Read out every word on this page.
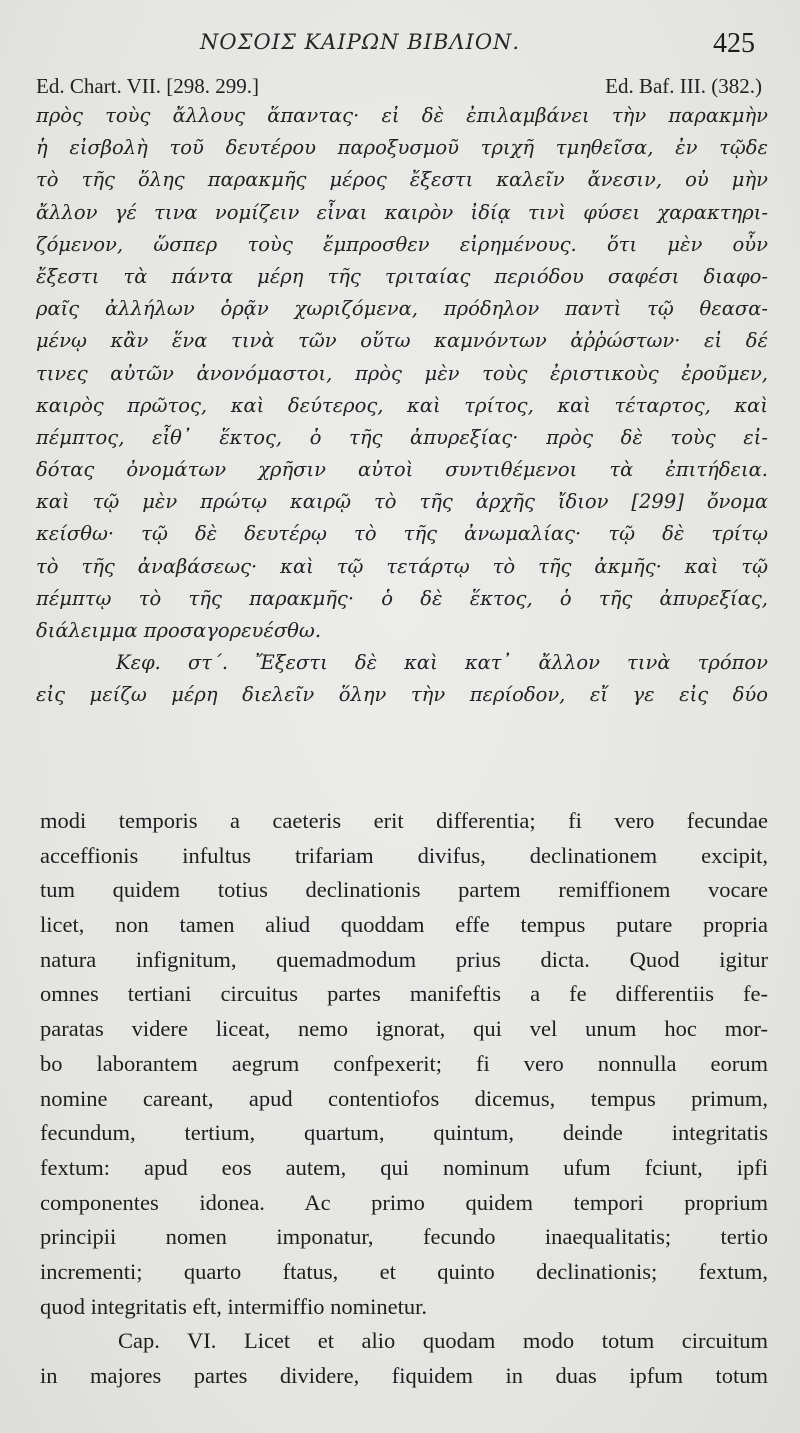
ΝΟΣΟΙΣ ΚΑΙΡΩΝ ΒΙΒΛΙΟΝ.	425
Ed. Chart. VII. [298. 299.]	Ed. Baf. III. (382.)
πρὸς τοὺς ἄλλους ἅπαντας· εἰ δὲ ἐπιλαμβάνει τὴν παρακμὴν
ἡ εἰσβολὴ τοῦ δευτέρου παροξυσμοῦ τριχῆ τμηθεῖσα, ἐν τῷδε
τὸ τῆς ὅλης παρακμῆς μέρος ἔξεστι καλεῖν ἄνεσιν, οὐ μὴν
ἄλλον γέ τινα νομίζειν εἶναι καιρὸν ἰδίᾳ τινὶ φύσει χαρακτηρι-
ζόμενον, ὥσπερ τοὺς ἔμπροσθεν εἰρημένους. ὅτι μὲν οὖν
ἔξεστι τὰ πάντα μέρη τῆς τριταίας περιόδου σαφέσι διαφο-
ραῖς ἀλλήλων ὁρᾷν χωριζόμενα, πρόδηλον παντὶ τῷ θεασα-
μένῳ κἂν ἕνα τινὰ τῶν οὕτω καμνόντων ἀῤῥώστων· εἰ δέ
τινες αὐτῶν ἀνονόμαστοι, πρὸς μὲν τοὺς ἐριστικοὺς ἐροῦμεν,
καιρὸς πρῶτος, καὶ δεύτερος, καὶ τρίτος, καὶ τέταρτος, καὶ
πέμπτος, εἶθ᾽ ἕκτος, ὁ τῆς ἀπυρεξίας· πρὸς δὲ τοὺς εἰ-
δότας ὀνομάτων χρῆσιν αὐτοὶ συντιθέμενοι τὰ ἐπιτήδεια.
καὶ τῷ μὲν πρώτῳ καιρῷ τὸ τῆς ἀρχῆς ἴδιον [299] ὄνομα
κείσθω· τῷ δὲ δευτέρῳ τὸ τῆς ἀνωμαλίας· τῷ δὲ τρίτῳ
τὸ τῆς ἀναβάσεως· καὶ τῷ τετάρτῳ τὸ τῆς ἀκμῆς· καὶ τῷ
πέμπτῳ τὸ τῆς παρακμῆς· ὁ δὲ ἕκτος, ὁ τῆς ἀπυρεξίας,
διάλειμμα προσαγορευέσθω.
Κεφ. στ´. Ἔξεστι δὲ καὶ κατ᾽ ἄλλον τινὰ τρόπον
εἰς μείζω μέρη διελεῖν ὅλην τὴν περίοδον, εἴ γε εἰς δύο
modi temporis a caeteris erit differentia; fi vero fecundae
acceffionis infultus trifariam divifus, declinationem excipit,
tum quidem totius declinationis partem remiffionem vocare
licet, non tamen aliud quoddam effe tempus putare propria
natura infignitum, quemadmodum prius dicta. Quod igitur
omnes tertiani circuitus partes manifeftis a fe differentiis fe-
paratas videre liceat, nemo ignorat, qui vel unum hoc mor-
bo laborantem aegrum confpexerit; fi vero nonnulla eorum
nomine careant, apud contentiofos dicemus, tempus primum,
fecundum, tertium, quartum, quintum, deinde integritatis
fextum: apud eos autem, qui nominum ufum fciunt, ipfi
componentes idonea. Ac primo quidem tempori proprium
principii nomen imponatur, fecundo inaequalitatis; tertio
incrementi; quarto ftatus, et quinto declinationis; fextum,
quod integritatis eft, intermiffio nominetur.
Cap. VI. Licet et alio quodam modo totum circuitum
in majores partes dividere, fiquidem in duas ipfum totum
